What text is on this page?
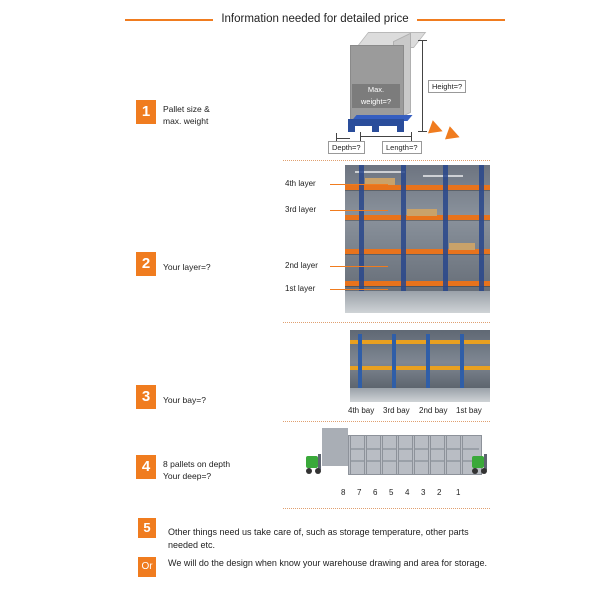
Information needed for detailed price
1	Pallet size &
max. weight
Max. weight=?
Height=?
Depth=?	Length=?
2	Your layer=?
4th layer
3rd layer
2nd layer
1st layer
3	Your bay=?
4th bay 3rd bay 2nd bay 1st bay
4	8 pallets on depth
Your deep=?
8 7 6 5 4 3 2 1
5	Other things need us take care of, such as storage temperature, other parts needed etc.
Or	We will do the design when know your warehouse drawing and area for storage.
